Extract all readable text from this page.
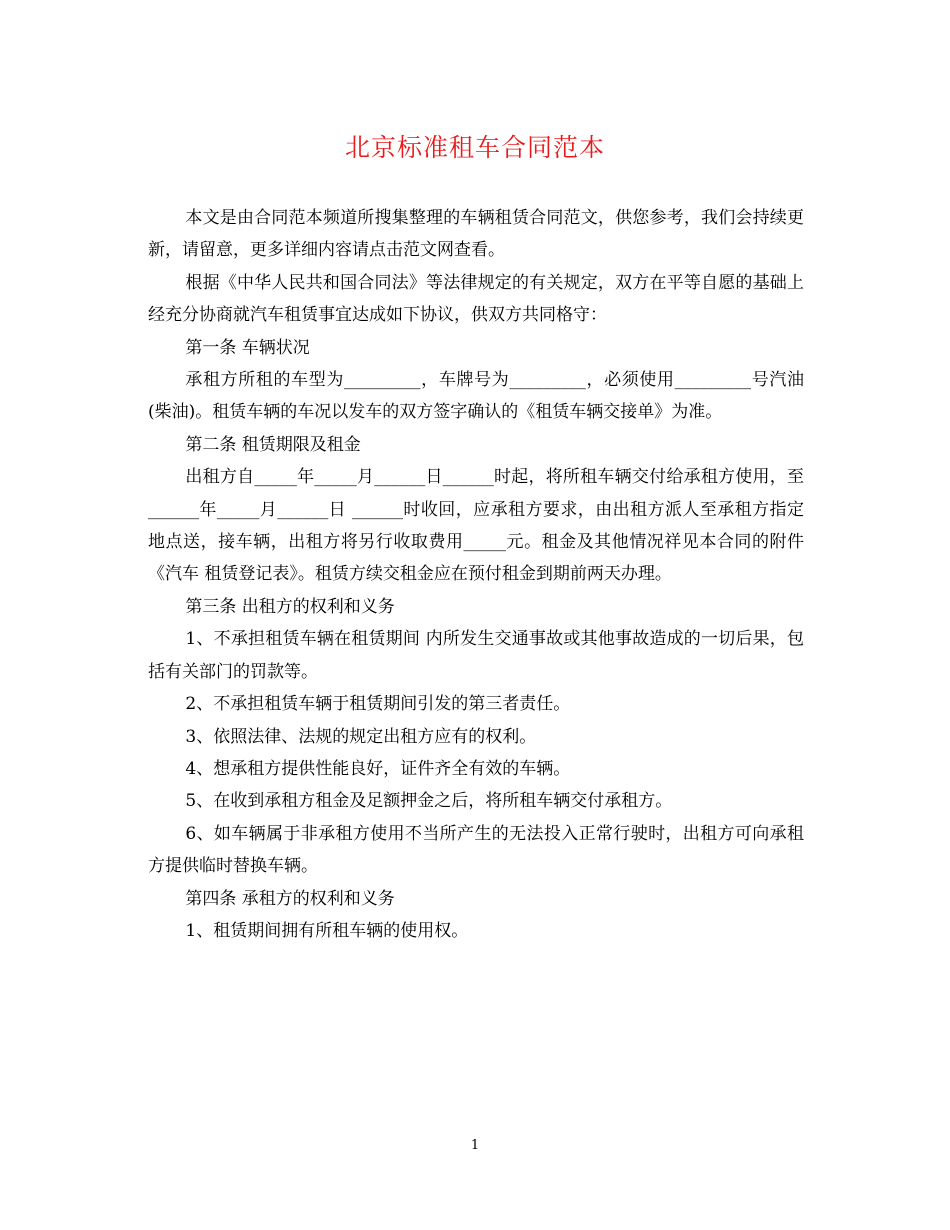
北京标准租车合同范本

本文是由合同范本频道所搜集整理的车辆租赁合同范文，供您参考，我们会持续更新，请留意，更多详细内容请点击范文网查看。

根据《中华人民共和国合同法》等法律规定的有关规定，双方在平等自愿的基础上经充分协商就汽车租赁事宜达成如下协议，供双方共同格守：

第一条 车辆状况

承租方所租的车型为_________，车牌号为_________，必须使用_________号汽油(柴油)。租赁车辆的车况以发车的双方签字确认的《租赁车辆交接单》为准。

第二条 租赁期限及租金

出租方自_____年_____月______日______时起，将所租车辆交付给承租方使用，至______年_____月______日 ______时收回，应承租方要求，由出租方派人至承租方指定地点送，接车辆，出租方将另行收取费用_____元。租金及其他情况祥见本合同的附件《汽车 租赁登记表》。租赁方续交租金应在预付租金到期前两天办理。

第三条 出租方的权利和义务

1、不承担租赁车辆在租赁期间 内所发生交通事故或其他事故造成的一切后果，包括有关部门的罚款等。

2、不承担租赁车辆于租赁期间引发的第三者责任。

3、依照法律、法规的规定出租方应有的权利。

4、想承租方提供性能良好，证件齐全有效的车辆。

5、在收到承租方租金及足额押金之后，将所租车辆交付承租方。

6、如车辆属于非承租方使用不当所产生的无法投入正常行驶时，出租方可向承租方提供临时替换车辆。

第四条 承租方的权利和义务

1、租赁期间拥有所租车辆的使用权。

1
